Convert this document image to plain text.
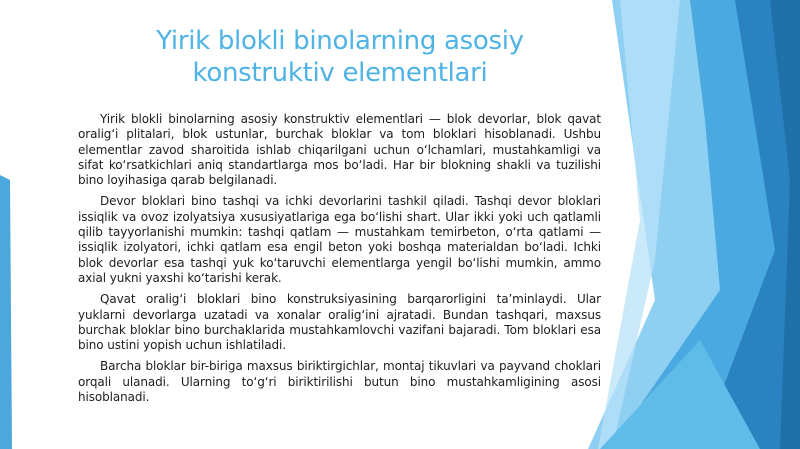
Yirik blokli binolarning asosiy
konstruktiv elementlari

Yirik blokli binolarning asosiy konstruktiv elementlari — blok devorlar, blok qavat oralig‘i plitalari, blok ustunlar, burchak bloklar va tom bloklari hisoblanadi. Ushbu elementlar zavod sharoitida ishlab chiqarilgani uchun o‘lchamlari, mustahkamligi va sifat ko‘rsatkichlari aniq standartlarga mos bo‘ladi. Har bir blokning shakli va tuzilishi bino loyihasiga qarab belgilanadi.

Devor bloklari bino tashqi va ichki devorlarini tashkil qiladi. Tashqi devor bloklari issiqlik va ovoz izolyatsiya xususiyatlariga ega bo‘lishi shart. Ular ikki yoki uch qatlamli qilib tayyorlanishi mumkin: tashqi qatlam — mustahkam temirbeton, o‘rta qatlami — issiqlik izolyatori, ichki qatlam esa engil beton yoki boshqa materialdan bo‘ladi. Ichki blok devorlar esa tashqi yuk ko‘taruvchi elementlarga yengil bo‘lishi mumkin, ammo axial yukni yaxshi ko‘tarishi kerak.

Qavat oralig‘i bloklari bino konstruksiyasining barqarorligini ta’minlaydi. Ular yuklarni devorlarga uzatadi va xonalar oralig‘ini ajratadi. Bundan tashqari, maxsus burchak bloklar bino burchaklarida mustahkamlovchi vazifani bajaradi. Tom bloklari esa bino ustini yopish uchun ishlatiladi.

Barcha bloklar bir-biriga maxsus biriktirgichlar, montaj tikuvlari va payvand choklari orqali ulanadi. Ularning to‘g‘ri biriktirilishi butun bino mustahkamligining asosi hisoblanadi.
